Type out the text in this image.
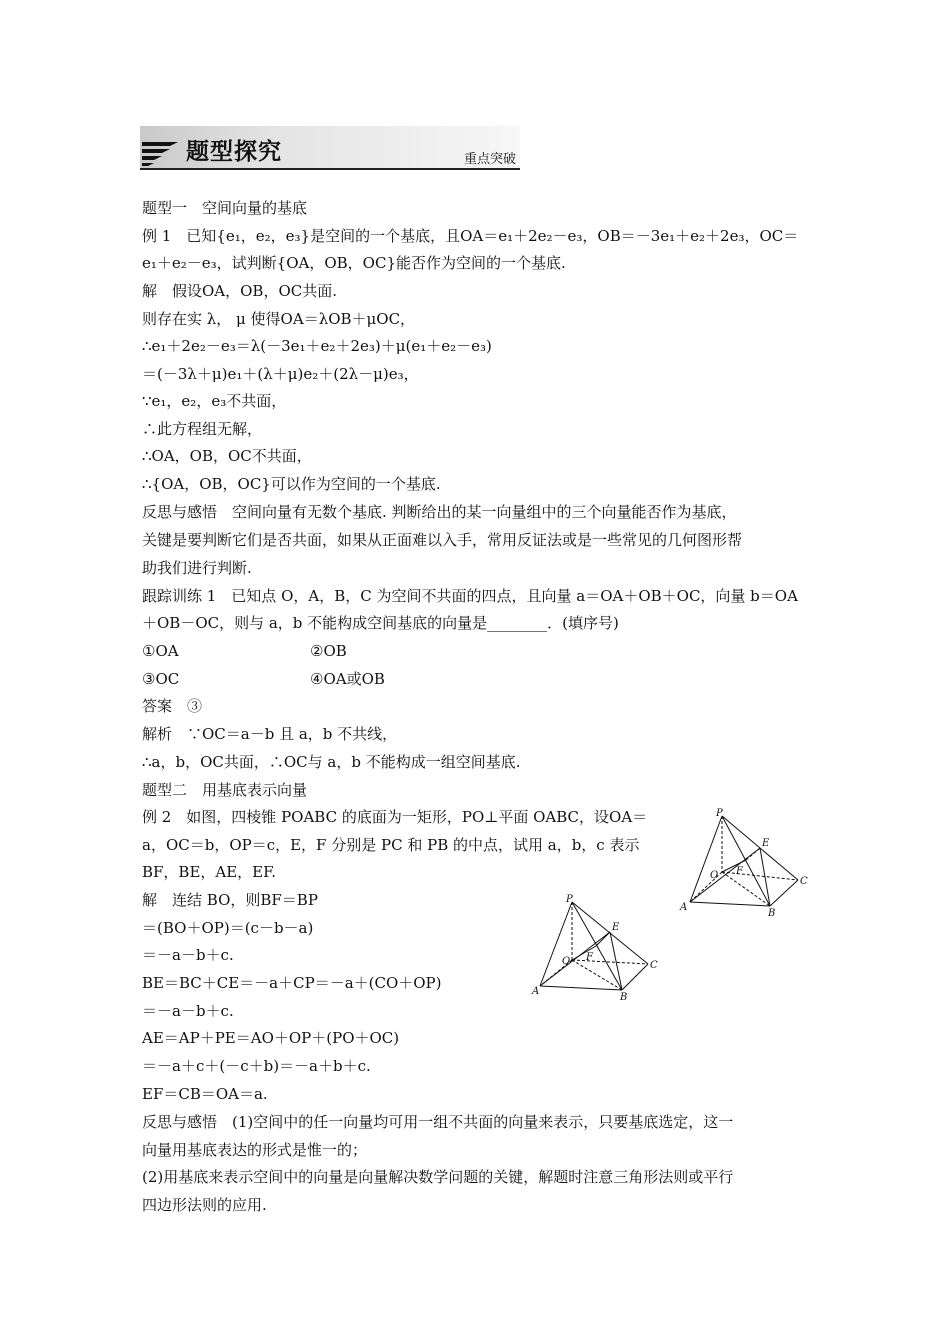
题型探究	重点突破
题型一　空间向量的基底
例 1　已知{e₁，e₂，e₃}是空间的一个基底，且OA＝e₁＋2e₂－e₃，OB＝－3e₁＋e₂＋2e₃，OC＝
e₁＋e₂－e₃，试判断{OA，OB，OC}能否作为空间的一个基底.
解　假设OA，OB，OC共面.
则存在实 λ， μ 使得OA＝λOB＋μOC，
∴e₁＋2e₂－e₃＝λ(－3e₁＋e₂＋2e₃)＋μ(e₁＋e₂－e₃)
＝(－3λ＋μ)e₁＋(λ＋μ)e₂＋(2λ－μ)e₃，
∵e₁，e₂，e₃不共面，
∴此方程组无解，
∴OA，OB，OC不共面，
∴{OA，OB，OC}可以作为空间的一个基底.
反思与感悟　空间向量有无数个基底. 判断给出的某一向量组中的三个向量能否作为基底，
关键是要判断它们是否共面，如果从正面难以入手，常用反证法或是一些常见的几何图形帮
助我们进行判断.
跟踪训练 1　已知点 O，A，B，C 为空间不共面的四点，且向量 a＝OA＋OB＋OC，向量 b＝OA
＋OB－OC，则与 a，b 不能构成空间基底的向量是________．(填序号)
①OA	②OB
③OC	④OA或OB
答案　③
解析　∵OC＝a－b 且 a，b 不共线，
∴a，b，OC共面，∴OC与 a，b 不能构成一组空间基底.
题型二　用基底表示向量
例 2　如图，四棱锥 POABC 的底面为一矩形，PO⊥平面 OABC，设OA＝
a，OC＝b，OP＝c，E，F 分别是 PC 和 PB 的中点，试用 a，b，c 表示
BF，BE，AE，EF.
解　连结 BO，则BF＝BP
＝(BO＋OP)＝(c－b－a)
＝－a－b＋c.
BE＝BC＋CE＝－a＋CP＝－a＋(CO＋OP)
＝－a－b＋c.
AE＝AP＋PE＝AO＋OP＋(PO＋OC)
＝－a＋c＋(－c＋b)＝－a＋b＋c.
EF＝CB＝OA＝a.
反思与感悟　(1)空间中的任一向量均可用一组不共面的向量来表示，只要基底选定，这一
向量用基底表达的形式是惟一的；
(2)用基底来表示空间中的向量是向量解决数学问题的关键，解题时注意三角形法则或平行
四边形法则的应用.
P
E
F
O
C
A
B
P
E
F
O	C
A
B
